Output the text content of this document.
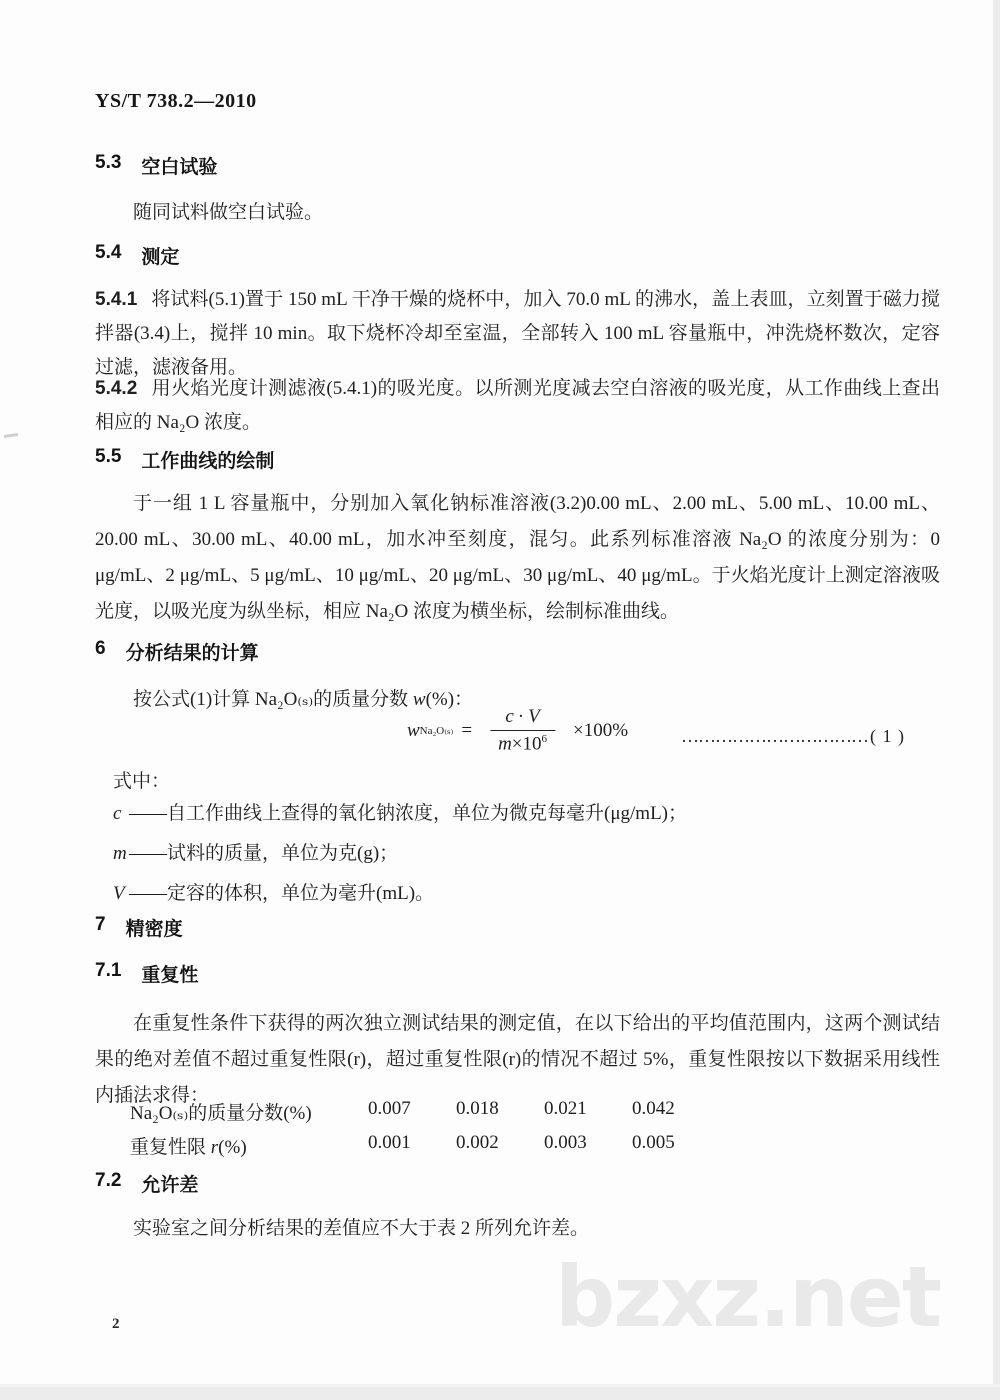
YS/T 738.2—2010
5.3 空白试验

随同试料做空白试验。

5.4 测定

5.4.1 将试料(5.1)置于 150 mL 干净干燥的烧杯中，加入 70.0 mL 的沸水，盖上表皿，立刻置于磁力搅拌器(3.4)上，搅拌 10 min。取下烧杯冷却至室温，全部转入 100 mL 容量瓶中，冲洗烧杯数次，定容过滤，滤液备用。

5.4.2 用火焰光度计测滤液(5.4.1)的吸光度。以所测光度减去空白溶液的吸光度，从工作曲线上查出相应的 Na₂O 浓度。

5.5 工作曲线的绘制

于一组 1 L 容量瓶中，分别加入氧化钠标准溶液(3.2)0.00 mL、2.00 mL、5.00 mL、10.00 mL、20.00 mL、30.00 mL、40.00 mL，加水冲至刻度，混匀。此系列标准溶液 Na₂O 的浓度分别为：0 μg/mL、2 μg/mL、5 μg/mL、10 μg/mL、20 μg/mL、30 μg/mL、40 μg/mL。于火焰光度计上测定溶液吸光度，以吸光度为纵坐标，相应 Na₂O 浓度为横坐标，绘制标准曲线。

6 分析结果的计算
按公式(1)计算 Na₂O₍ₛ₎的质量分数 w(%)：
w $Na_2O_{(s)} = \frac{c \cdot V}{m\times 10^6} \times 100\%$	…………………………… ( 1 )
式中：
c ——自工作曲线上查得的氧化钠浓度，单位为微克每毫升(μg/mL)；
m ——试料的质量，单位为克(g)；
V ——定容的体积，单位为毫升(mL)。
7 精密度
7.1 重复性

在重复性条件下获得的两次独立测试结果的测定值，在以下给出的平均值范围内，这两个测试结果的绝对差值不超过重复性限(r)，超过重复性限(r)的情况不超过 5%，重复性限按以下数据采用线性内插法求得：

Na₂O₍ₛ₎的质量分数(%)	0.007	0.018	0.021	0.042
重复性限 r(%)	0.001	0.002	0.003	0.005
7.2 允许差

实验室之间分析结果的差值应不大于表 2 所列允许差。

2	bzxz.net
